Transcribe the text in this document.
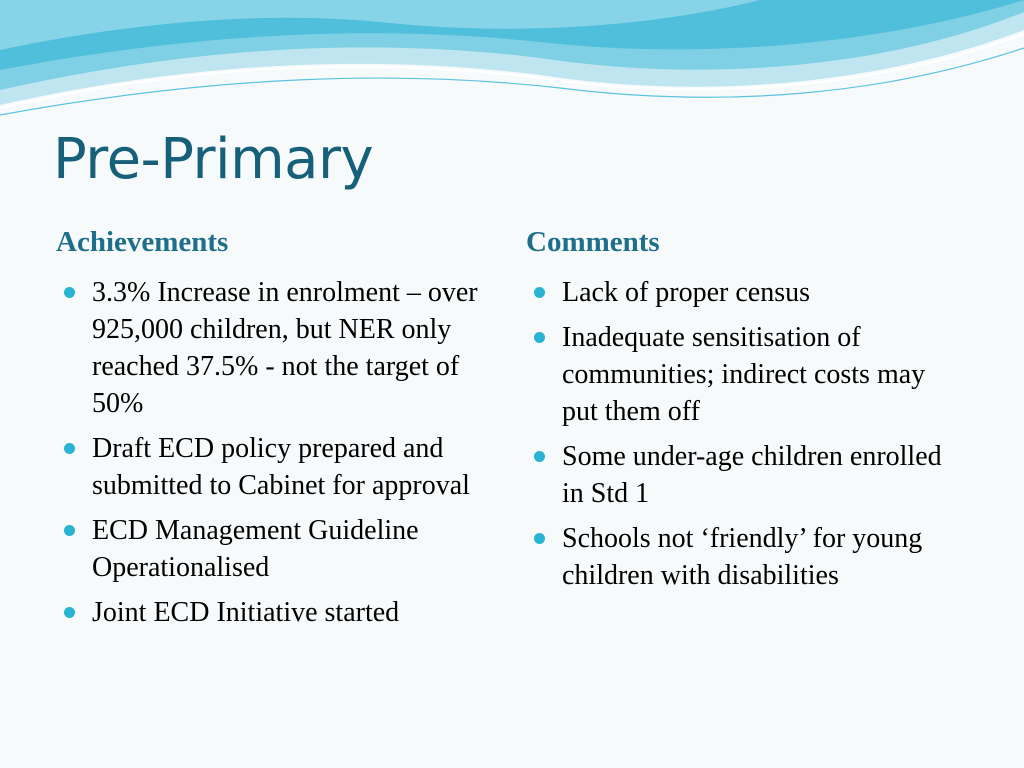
Pre-Primary
Achievements
3.3% Increase in enrolment – over 925,000 children, but NER only reached 37.5% - not the target of 50%
Draft ECD policy prepared and submitted to Cabinet for approval
ECD Management Guideline Operationalised
Joint ECD Initiative started
Comments
Lack of proper census
Inadequate sensitisation of communities; indirect costs may put them off
Some under-age children enrolled in Std 1
Schools not ‘friendly’ for young children with disabilities
